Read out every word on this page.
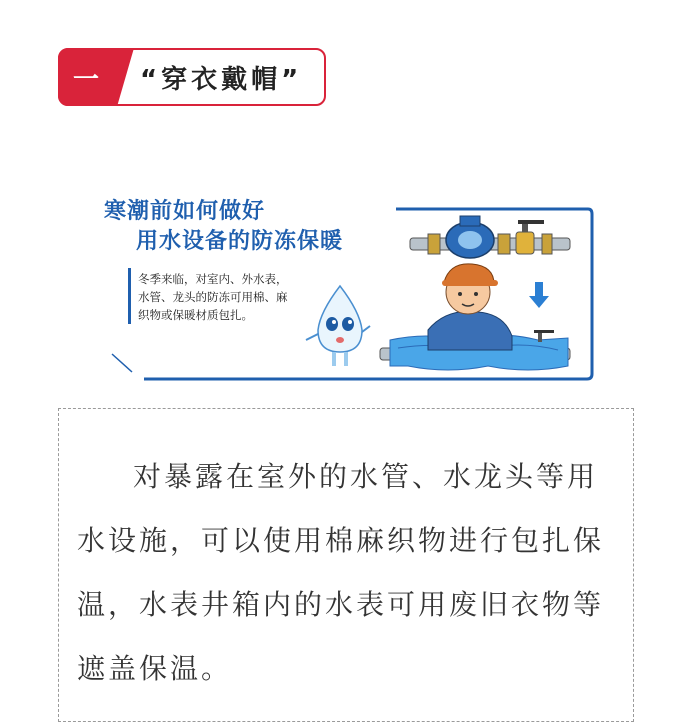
一	“穿衣戴帽”
寒潮前如何做好
用水设备的防冻保暖
冬季来临，对室内、外水表，水管、龙头的防冻可用棉、麻织物或保暖材质包扎。

对暴露在室外的水管、水龙头等用水设施，可以使用棉麻织物进行包扎保温，水表井箱内的水表可用废旧衣物等遮盖保温。
